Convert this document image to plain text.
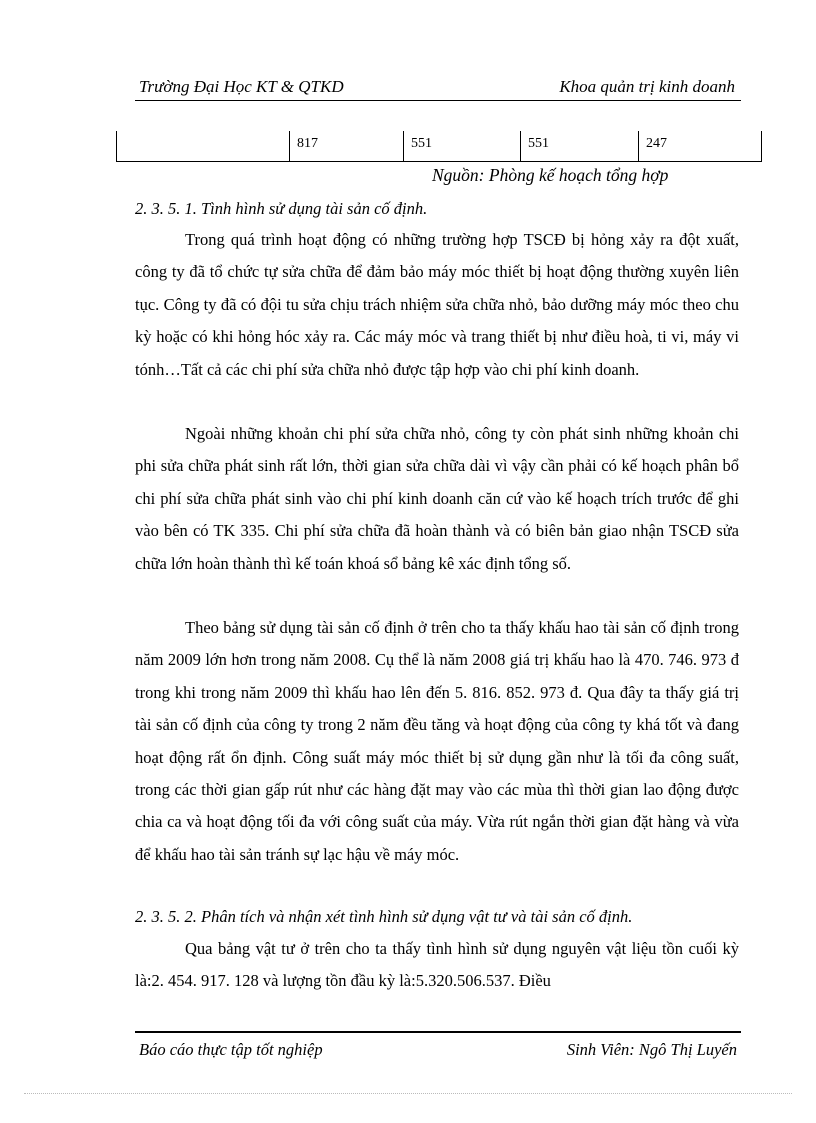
Trường Đại Học KT & QTKD	Khoa quản trị kinh doanh
	817	551	551	247
Nguồn: Phòng kế hoạch tổng hợp
2. 3. 5. 1. Tình hình sử dụng tài sản cố định.
Trong quá trình hoạt động có những trường hợp TSCĐ bị hỏng xảy ra đột xuất, công ty đã tổ chức tự sửa chữa để đảm bảo máy móc thiết bị hoạt động thường xuyên liên tục. Công ty đã có đội tu sửa chịu trách nhiệm sửa chữa nhỏ, bảo dưỡng máy móc theo chu kỳ hoặc có khi hỏng hóc xảy ra. Các máy móc và trang thiết bị như điều hoà, ti vi, máy vi tónh…Tất cả các chi phí sửa chữa nhỏ được tập hợp vào chi phí kinh doanh.
Ngoài những khoản chi phí sửa chữa nhỏ, công ty còn phát sinh những khoản chi phi sửa chữa phát sinh rất lớn, thời gian sửa chữa dài vì vậy cần phải có kế hoạch phân bổ chi phí sửa chữa phát sinh vào chi phí kinh doanh căn cứ vào kế hoạch trích trước để ghi vào bên có TK 335. Chi phí sửa chữa đã hoàn thành và có biên bản giao nhận TSCĐ sửa chữa lớn hoàn thành thì kế toán khoá sổ bảng kê xác định tổng số.
Theo bảng sử dụng tài sản cố định ở trên cho ta thấy khấu hao tài sản cố định trong năm 2009 lớn hơn trong năm 2008. Cụ thể là năm 2008 giá trị khấu hao là 470. 746. 973 đ trong khi trong năm 2009 thì khấu hao lên đến 5. 816. 852. 973 đ. Qua đây ta thấy giá trị tài sản cố định của công ty trong 2 năm đều tăng và hoạt động của công ty khá tốt và đang hoạt động rất ổn định. Công suất máy móc thiết bị sử dụng gần như là tối đa công suất, trong các thời gian gấp rút như các hàng đặt may vào các mùa thì thời gian lao động được chia ca và hoạt động tối đa với công suất của máy. Vừa rút ngắn thời gian đặt hàng và vừa để khấu hao tài sản tránh sự lạc hậu về máy móc.
2. 3. 5. 2. Phân tích và nhận xét tình hình sử dụng vật tư và tài sản cố định.
Qua bảng vật tư ở trên cho ta thấy tình hình sử dụng nguyên vật liệu tồn cuối kỳ là:2. 454. 917. 128 và lượng tồn đầu kỳ là:5.320.506.537. Điều
Báo cáo thực tập tốt nghiệp	Sinh Viên: Ngô Thị Luyến
